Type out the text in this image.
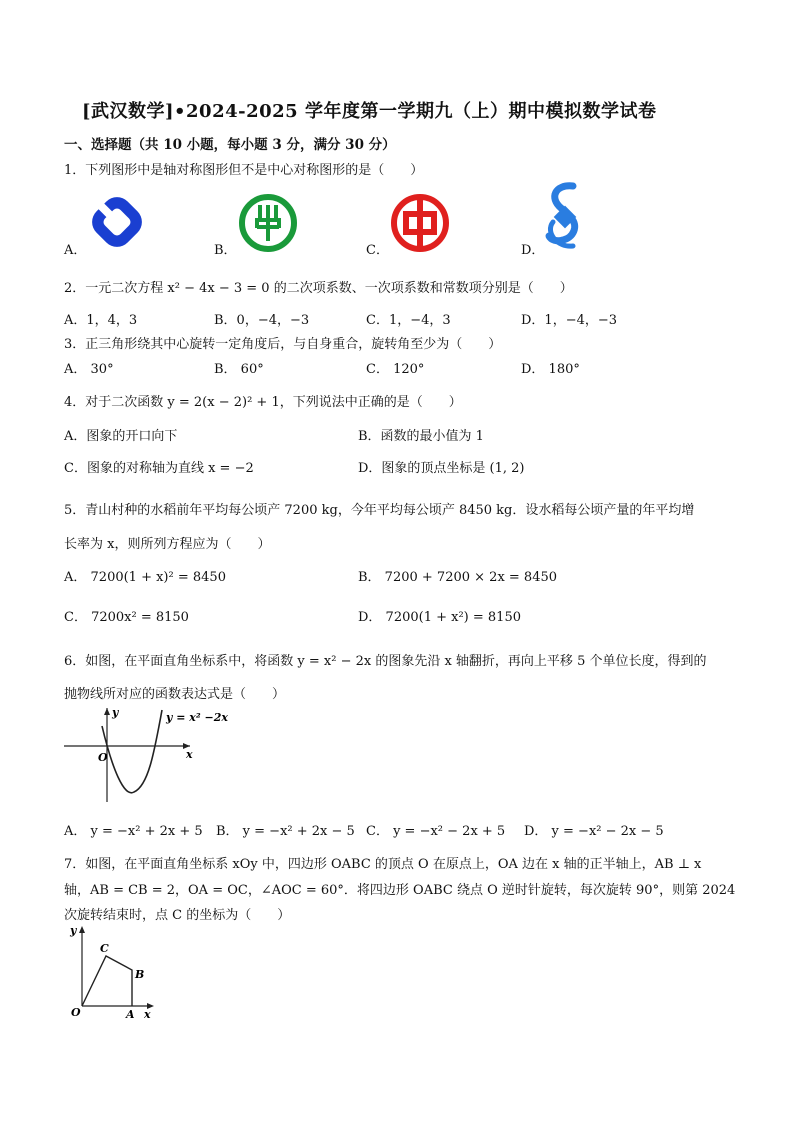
[武汉数学]•2024-2025 学年度第一学期九（上）期中模拟数学试卷
一、选择题（共 10 小题，每小题 3 分，满分 30 分）
1．下列图形中是轴对称图形但不是中心对称图形的是（　　）
A．	B．	C．	D．
2．一元二次方程 x² − 4x − 3 = 0 的二次项系数、一次项系数和常数项分别是（　　）
A．1，4，3	B．0，−4，−3	C．1，−4，3	D．1，−4，−3
3．正三角形绕其中心旋转一定角度后，与自身重合，旋转角至少为（　　）
A． 30°	B． 60°	C． 120°	D． 180°
4．对于二次函数 y = 2(x − 2)² + 1，下列说法中正确的是（　　）
A．图象的开口向下	B．函数的最小值为 1
C．图象的对称轴为直线 x = −2	D．图象的顶点坐标是 (1, 2)
5．青山村种的水稻前年平均每公顷产 7200 kg，今年平均每公顷产 8450 kg．设水稻每公顷产量的年平均增
长率为 x，则所列方程应为（　　）
A． 7200(1 + x)² = 8450	B． 7200 + 7200 × 2x = 8450
C． 7200x² = 8150	D． 7200(1 + x²) = 8150
6．如图，在平面直角坐标系中，将函数 y = x² − 2x 的图象先沿 x 轴翻折，再向上平移 5 个单位长度，得到的
抛物线所对应的函数表达式是（　　）
y
x
O
y = x² −2x
A． y = −x² + 2x + 5 B． y = −x² + 2x − 5 C． y = −x² − 2x + 5 D． y = −x² − 2x − 5
7．如图，在平面直角坐标系 xOy 中，四边形 OABC 的顶点 O 在原点上，OA 边在 x 轴的正半轴上，AB ⊥ x
轴，AB = CB = 2，OA = OC，∠AOC = 60°．将四边形 OABC 绕点 O 逆时针旋转，每次旋转 90°，则第 2024
次旋转结束时，点 C 的坐标为（　　）
y
x
O	A
B
C
